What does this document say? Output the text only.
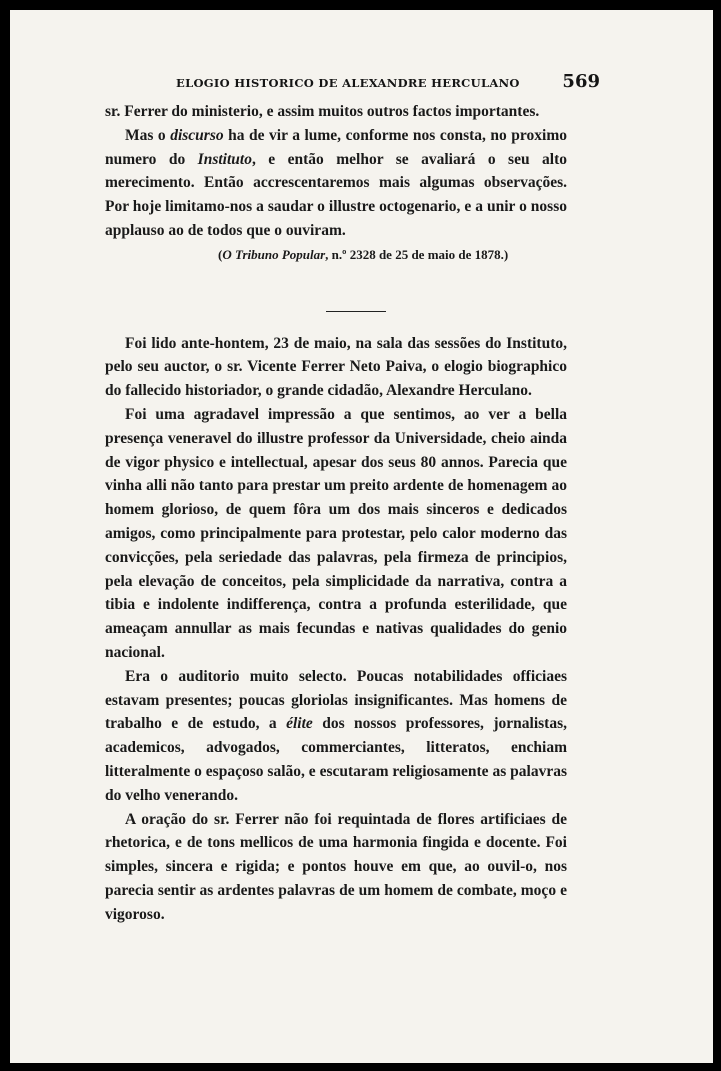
ELOGIO HISTORICO DE ALEXANDRE HERCULANO 569

sr. Ferrer do ministerio, e assim muitos outros factos importantes.

Mas o discurso ha de vir a lume, conforme nos consta, no proximo numero do Instituto, e então melhor se avaliará o seu alto merecimento. Então accrescentaremos mais algumas observações. Por hoje limitamo-nos a saudar o illustre octogenario, e a unir o nosso applauso ao de todos que o ouviram.

(O Tribuno Popular, n.º 2328 de 25 de maio de 1878.)

Foi lido ante-hontem, 23 de maio, na sala das sessões do Instituto, pelo seu auctor, o sr. Vicente Ferrer Neto Paiva, o elogio biographico do fallecido historiador, o grande cidadão, Alexandre Herculano.

Foi uma agradavel impressão a que sentimos, ao ver a bella presença veneravel do illustre professor da Universidade, cheio ainda de vigor physico e intellectual, apesar dos seus 80 annos. Parecia que vinha alli não tanto para prestar um preito ardente de homenagem ao homem glorioso, de quem fôra um dos mais sinceros e dedicados amigos, como principalmente para protestar, pelo calor moderno das convicções, pela seriedade das palavras, pela firmeza de principios, pela elevação de conceitos, pela simplicidade da narrativa, contra a tibia e indolente indifferença, contra a profunda esterilidade, que ameaçam annullar as mais fecundas e nativas qualidades do genio nacional.

Era o auditorio muito selecto. Poucas notabilidades officiaes estavam presentes; poucas gloriolas insignificantes. Mas homens de trabalho e de estudo, a élite dos nossos professores, jornalistas, academicos, advogados, commerciantes, litteratos, enchiam litteralmente o espaçoso salão, e escutaram religiosamente as palavras do velho venerando.

A oração do sr. Ferrer não foi requintada de flores artificiaes de rhetorica, e de tons mellicos de uma harmonia fingida e docente. Foi simples, sincera e rigida; e pontos houve em que, ao ouvil-o, nos parecia sentir as ardentes palavras de um homem de combate, moço e vigoroso.
